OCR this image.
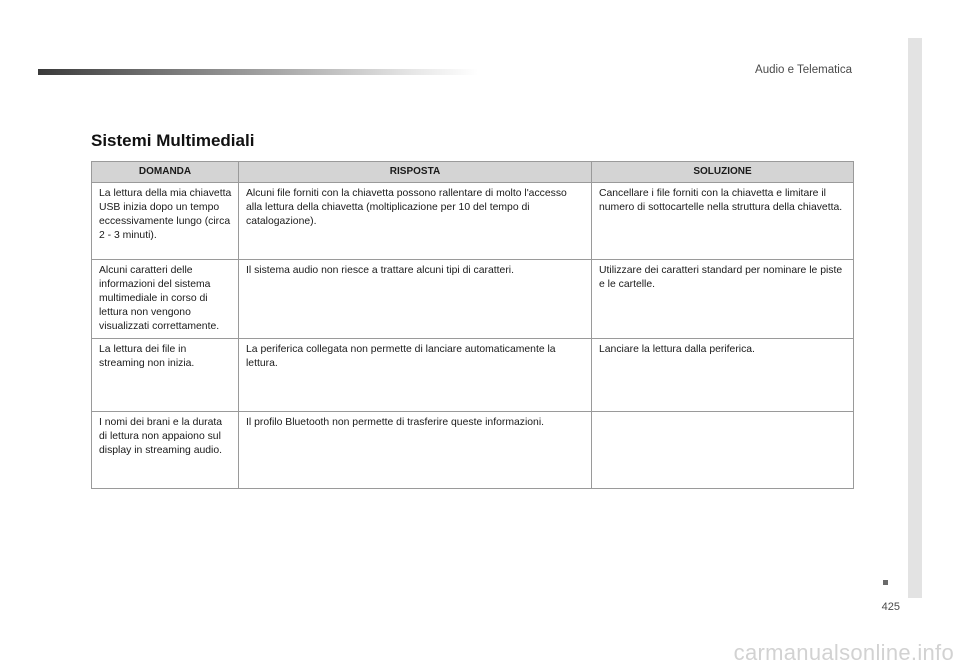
Audio e Telematica
Sistemi Multimediali
DOMANDA	RISPOSTA	SOLUZIONE
La lettura della mia chiavetta USB inizia dopo un tempo eccessivamente lungo (circa 2 - 3 minuti).	Alcuni file forniti con la chiavetta possono rallentare di molto l'accesso alla lettura della chiavetta (moltiplicazione per 10 del tempo di catalogazione).	Cancellare i file forniti con la chiavetta e limitare il numero di sottocartelle nella struttura della chiavetta.
Alcuni caratteri delle informazioni del sistema multimediale in corso di lettura non vengono visualizzati correttamente.	Il sistema audio non riesce a trattare alcuni tipi di caratteri.	Utilizzare dei caratteri standard per nominare le piste e le cartelle.
La lettura dei file in streaming non inizia.	La periferica collegata non permette di lanciare automaticamente la lettura.	Lanciare la lettura dalla periferica.
I nomi dei brani e la durata di lettura non appaiono sul display in streaming audio.	Il profilo Bluetooth non permette di trasferire queste informazioni.	
425
carmanualsonline.info
